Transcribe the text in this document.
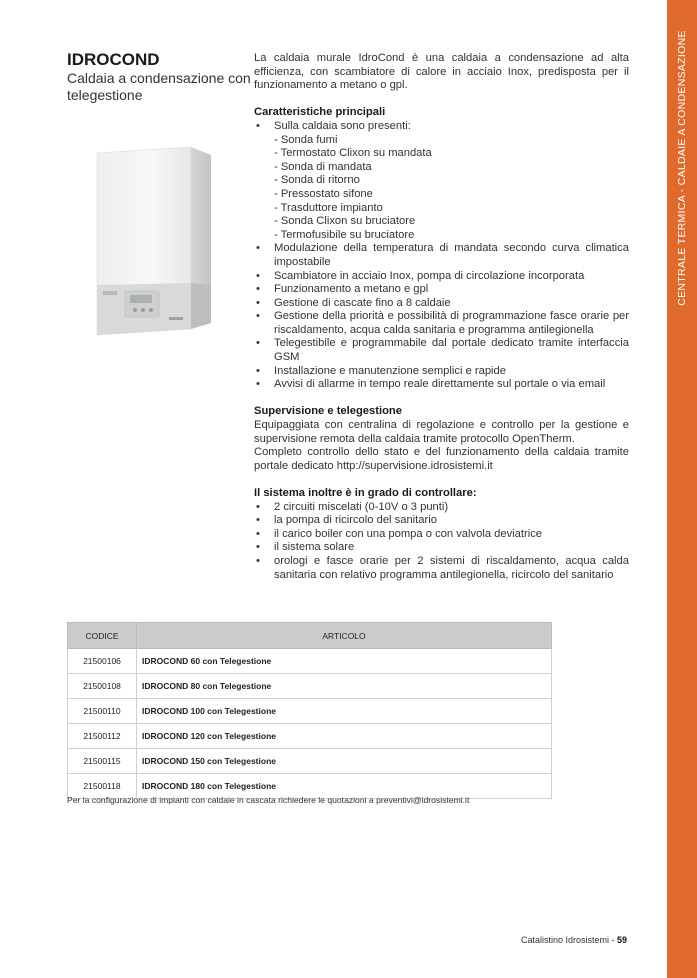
CENTRALE TERMICA - CALDAIE A CONDENSAZIONE
IDROCOND

Caldaia a condensazione con telegestione

La caldaia murale IdroCond è una caldaia a condensazione ad alta efficienza, con scambiatore di calore in acciaio Inox, predisposta per il funzionamento a metano o gpl.

Caratteristiche principali
• Sulla caldaia sono presenti:
- Sonda fumi
- Termostato Clixon su mandata
- Sonda di mandata
- Sonda di ritorno
- Pressostato sifone
- Trasduttore impianto
- Sonda Clixon su bruciatore
- Termofusibile su bruciatore
• Modulazione della temperatura di mandata secondo curva climatica impostabile
• Scambiatore in acciaio Inox, pompa di circolazione incorporata
• Funzionamento a metano e gpl
• Gestione di cascate fino a 8 caldaie
• Gestione della priorità e possibilità di programmazione fasce orarie per riscaldamento, acqua calda sanitaria e programma antilegionella
• Telegestibile e programmabile dal portale dedicato tramite interfaccia GSM
• Installazione e manutenzione semplici e rapide
• Avvisi di allarme in tempo reale direttamente sul portale o via email
Supervisione e telegestione

Equipaggiata con centralina di regolazione e controllo per la gestione e supervisione remota della caldaia tramite protocollo OpenTherm.

Completo controllo dello stato e del funzionamento della caldaia tramite portale dedicato http://supervisione.idrosistemi.it

Il sistema inoltre è in grado di controllare:
• 2 circuiti miscelati (0-10V o 3 punti)
• la pompa di ricircolo del sanitario
• il carico boiler con una pompa o con valvola deviatrice
• il sistema solare
• orologi e fasce orarie per 2 sistemi di riscaldamento, acqua calda sanitaria con relativo programma antilegionella, ricircolo del sanitario
CODICE	ARTICOLO
21500106	IDROCOND 60 con Telegestione
21500108	IDROCOND 80 con Telegestione
21500110	IDROCOND 100 con Telegestione
21500112	IDROCOND 120 con Telegestione
21500115	IDROCOND 150 con Telegestione
21500118	IDROCOND 180 con Telegestione
Per la configurazione di impianti con caldaie in cascata richiedere le quotazioni a preventivi@idrosistemi.it
Catalistino Idrosistemi - 59
